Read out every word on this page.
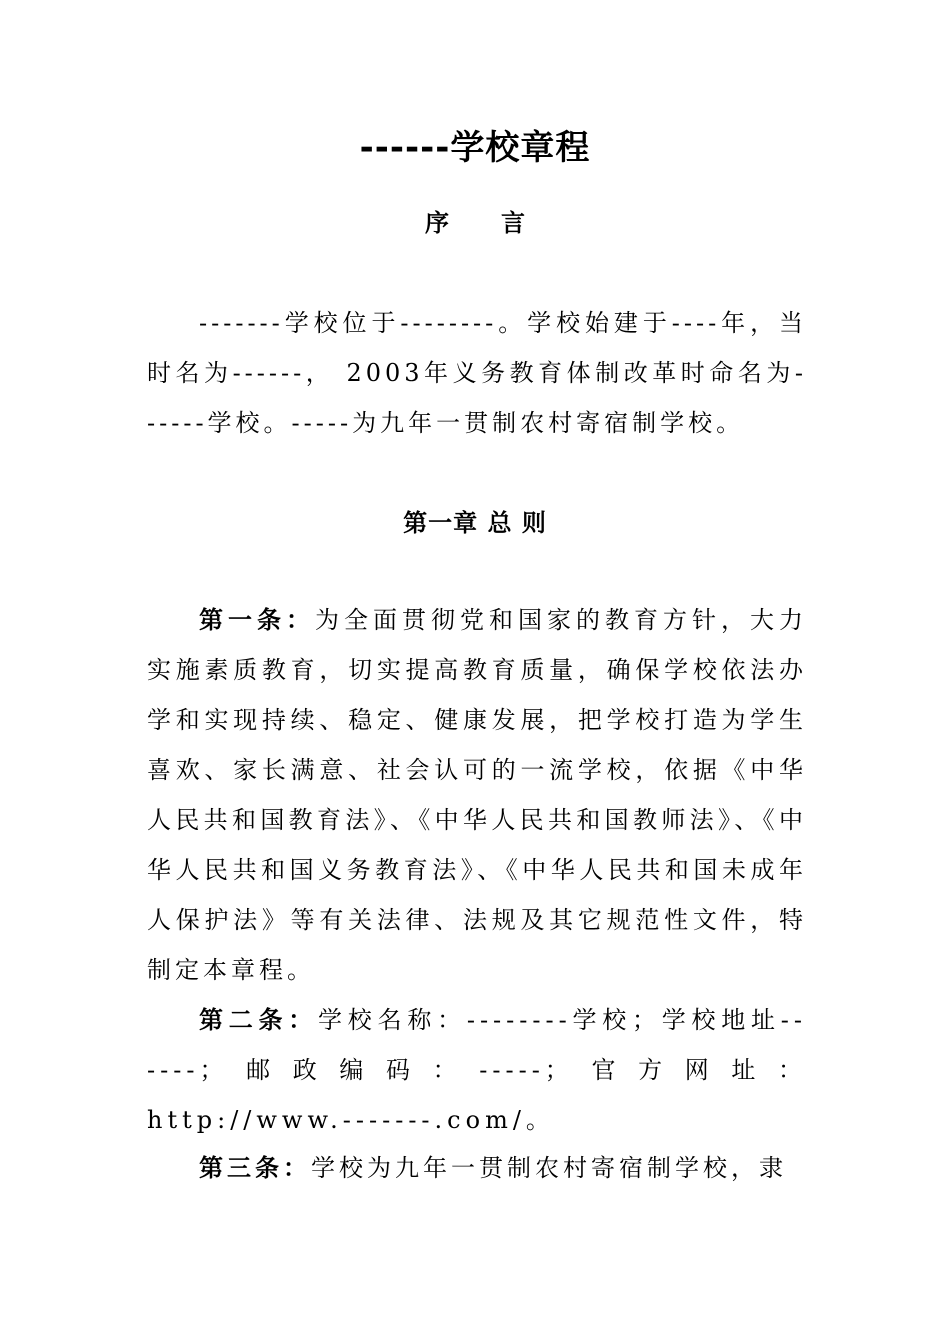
------学校章程
序言
-------学校位于--------。学校始建于----年，当时名为------， 2003年义务教育体制改革时命名为------学校。-----为九年一贯制农村寄宿制学校。
第一章 总 则
第一条：为全面贯彻党和国家的教育方针，大力实施素质教育，切实提高教育质量，确保学校依法办学和实现持续、稳定、健康发展，把学校打造为学生喜欢、家长满意、社会认可的一流学校，依据《中华人民共和国教育法》、《中华人民共和国教师法》、《中华人民共和国义务教育法》、《中华人民共和国未成年人保护法》等有关法律、法规及其它规范性文件，特制定本章程。
第二条：学校名称：--------学校；学校地址------；邮政编码：-----；官方网址：http://www.-------.com/。
第三条：学校为九年一贯制农村寄宿制学校，隶
